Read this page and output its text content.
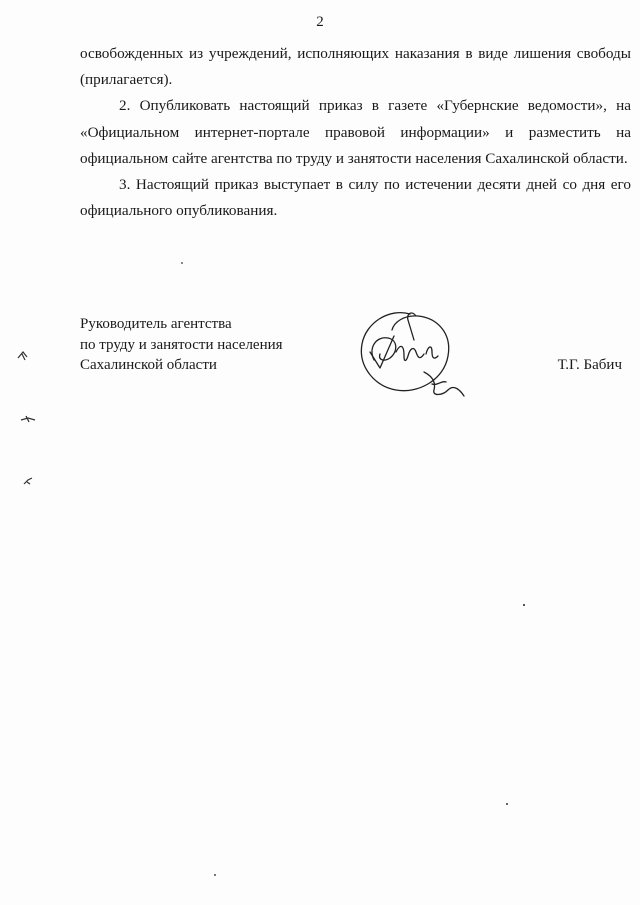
2

освобожденных из учреждений, исполняющих наказания в виде лишения свободы (прилагается).

2. Опубликовать настоящий приказ в газете «Губернские ведомости», на «Официальном интернет-портале правовой информации» и разместить на официальном сайте агентства по труду и занятости населения Сахалинской области.

3. Настоящий приказ выступает в силу по истечении десяти дней со дня его официального опубликования.

Руководитель агентства
по труду и занятости населения
Сахалинской области	Т.Г. Бабич
